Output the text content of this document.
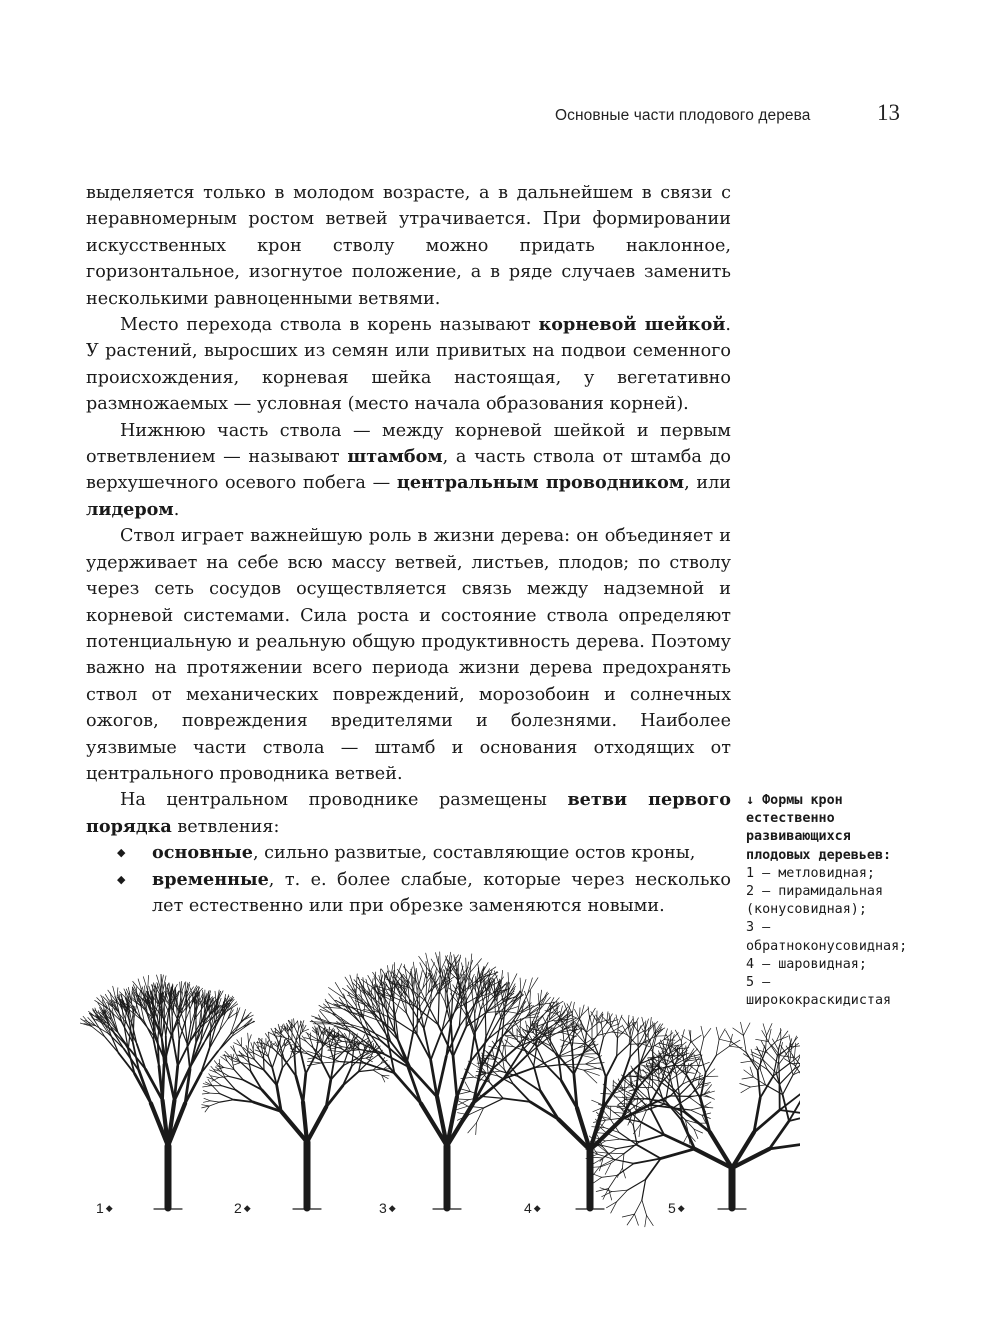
Основные части плодового дерева	13

выделяется только в молодом возрасте, а в дальнейшем в связи с неравномерным ростом ветвей утрачивается. При формировании искусственных крон стволу можно придать наклонное, горизонтальное, изогнутое положение, а в ряде случаев заменить несколькими равноценными ветвями.

Место перехода ствола в корень называют корневой шейкой. У растений, выросших из семян или привитых на подвои семенного происхождения, корневая шейка настоящая, у вегетативно размножаемых — условная (место начала образования корней).

Нижнюю часть ствола — между корневой шейкой и первым ответвлением — называют штамбом, а часть ствола от штамба до верхушечного осевого побега — центральным проводником, или лидером.

Ствол играет важнейшую роль в жизни дерева: он объединяет и удерживает на себе всю массу ветвей, листьев, плодов; по стволу через сеть сосудов осуществляется связь между надземной и корневой системами. Сила роста и состояние ствола определяют потенциальную и реальную общую продуктивность дерева. Поэтому важно на протяжении всего периода жизни дерева предохранять ствол от механических повреждений, морозобоин и солнечных ожогов, повреждения вредителями и болезнями. Наиболее уязвимые части ствола — штамб и основания отходящих от центрального проводника ветвей.

На центральном проводнике размещены ветви первого порядка ветвления:

◆ основные, сильно развитые, составляющие остов кроны,
◆ временные, т. е. более слабые, которые через несколько лет естественно или при обрезке заменяются новыми.
↓ Формы крон естественно развивающихся плодовых деревьев:
1 — метловидная;
2 — пирамидальная (конусовидная);
3 — обратноконусовидная;
4 — шаровидная;
5 — ширококраскидистая
1 ◆	2 ◆	3 ◆	4 ◆	5 ◆
